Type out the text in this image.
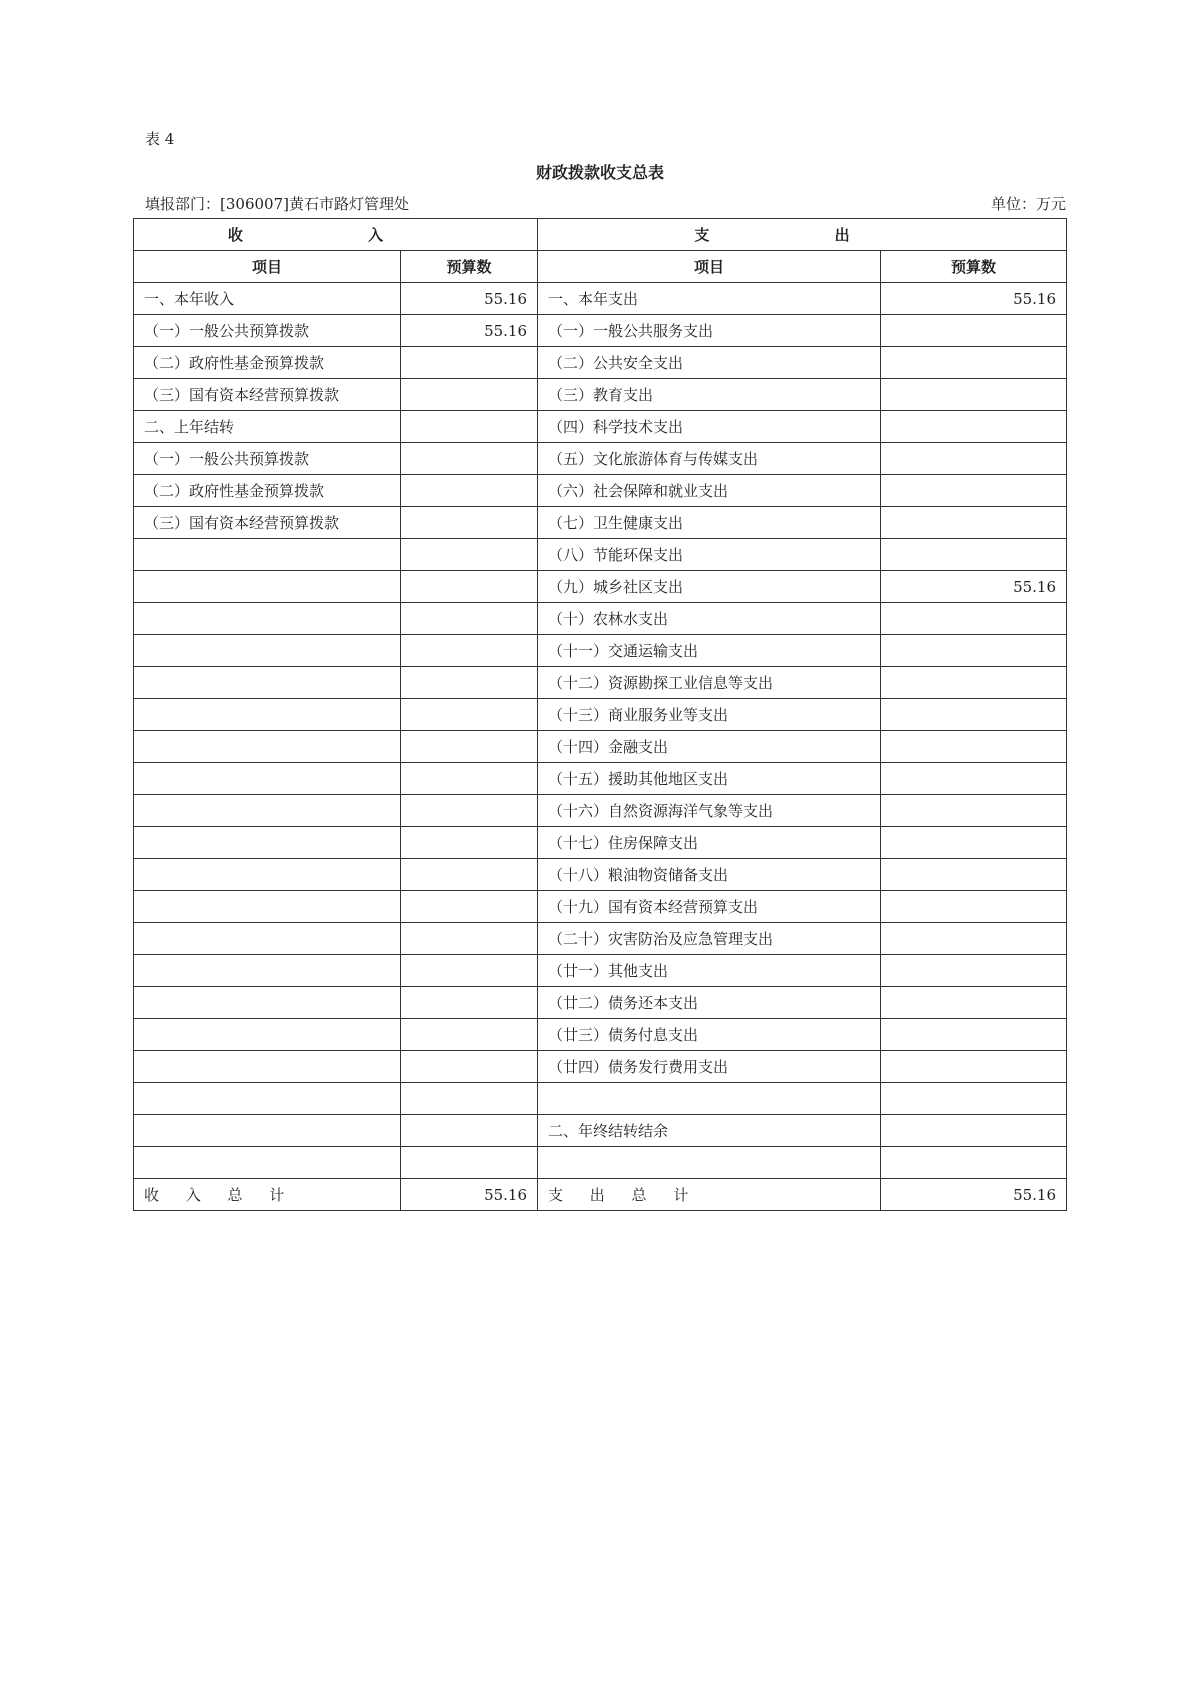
表 4
财政拨款收支总表
填报部门：[306007]黄石市路灯管理处	单位：万元
收 入		支 出	
项目	预算数	项目	预算数
一、本年收入	55.16	一、本年支出	55.16
（一）一般公共预算拨款	55.16	（一）一般公共服务支出	
（二）政府性基金预算拨款		（二）公共安全支出	
（三）国有资本经营预算拨款		（三）教育支出	
二、上年结转		（四）科学技术支出	
（一）一般公共预算拨款		（五）文化旅游体育与传媒支出	
（二）政府性基金预算拨款		（六）社会保障和就业支出	
（三）国有资本经营预算拨款		（七）卫生健康支出	
		（八）节能环保支出	
		（九）城乡社区支出	55.16
		（十）农林水支出	
		（十一）交通运输支出	
		（十二）资源勘探工业信息等支出	
		（十三）商业服务业等支出	
		（十四）金融支出	
		（十五）援助其他地区支出	
		（十六）自然资源海洋气象等支出	
		（十七）住房保障支出	
		（十八）粮油物资储备支出	
		（十九）国有资本经营预算支出	
		（二十）灾害防治及应急管理支出	
		（廿一）其他支出	
		（廿二）债务还本支出	
		（廿三）债务付息支出	
		（廿四）债务发行费用支出	

		二、年终结转结余	

收 入 总 计	55.16	支 出 总 计	55.16
